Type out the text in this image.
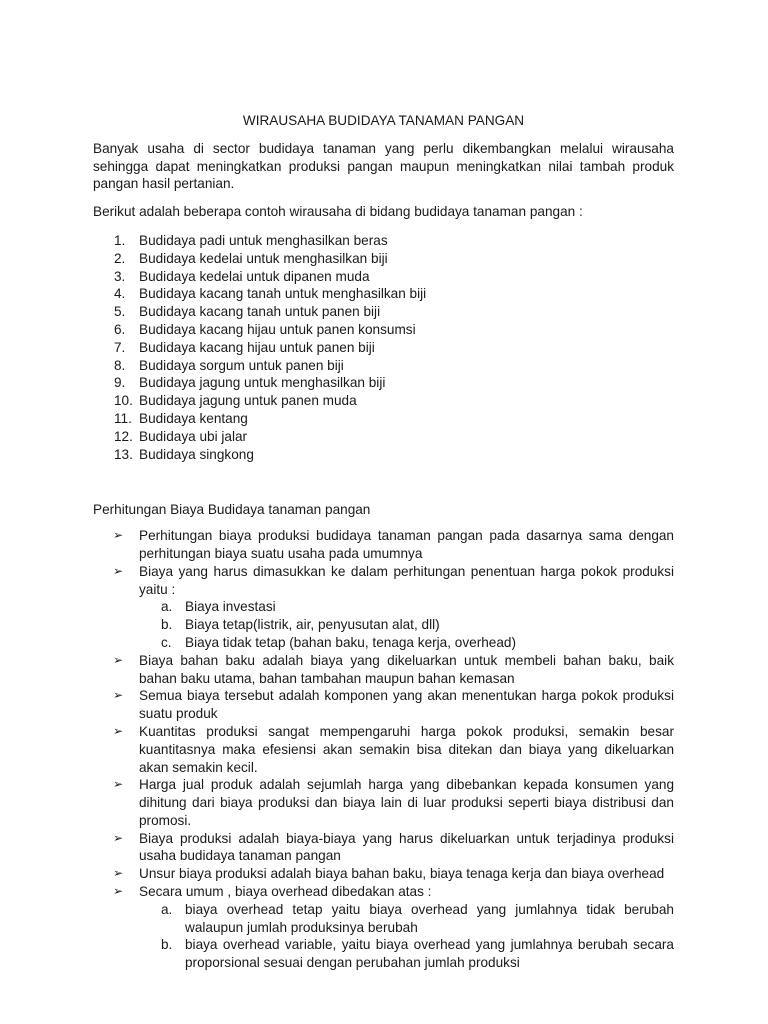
WIRAUSAHA BUDIDAYA TANAMAN PANGAN

Banyak usaha di sector budidaya tanaman yang perlu dikembangkan melalui wirausaha sehingga dapat meningkatkan produksi pangan maupun meningkatkan nilai tambah produk pangan hasil pertanian.

Berikut adalah beberapa contoh wirausaha di bidang budidaya tanaman pangan :

1. Budidaya padi untuk menghasilkan beras
2. Budidaya kedelai untuk menghasilkan biji
3. Budidaya kedelai untuk dipanen muda
4. Budidaya kacang tanah untuk menghasilkan biji
5. Budidaya kacang tanah untuk panen biji
6. Budidaya kacang hijau untuk panen konsumsi
7. Budidaya kacang hijau untuk panen biji
8. Budidaya sorgum untuk panen biji
9. Budidaya jagung untuk menghasilkan biji
10. Budidaya jagung untuk panen muda
11. Budidaya kentang
12. Budidaya ubi jalar
13. Budidaya singkong
Perhitungan Biaya Budidaya tanaman pangan
➢ Perhitungan biaya produksi budidaya tanaman pangan pada dasarnya sama dengan perhitungan biaya suatu usaha pada umumnya
➢ Biaya yang harus dimasukkan ke dalam perhitungan penentuan harga pokok produksi yaitu :
a. Biaya investasi
b. Biaya tetap(listrik, air, penyusutan alat, dll)
c. Biaya tidak tetap (bahan baku, tenaga kerja, overhead)
➢ Biaya bahan baku adalah biaya yang dikeluarkan untuk membeli bahan baku, baik bahan baku utama, bahan tambahan maupun bahan kemasan
➢ Semua biaya tersebut adalah komponen yang akan menentukan harga pokok produksi suatu produk
➢ Kuantitas produksi sangat mempengaruhi harga pokok produksi, semakin besar kuantitasnya maka efesiensi akan semakin bisa ditekan dan biaya yang dikeluarkan akan semakin kecil.
➢ Harga jual produk adalah sejumlah harga yang dibebankan kepada konsumen yang dihitung dari biaya produksi dan biaya lain di luar produksi seperti biaya distribusi dan promosi.
➢ Biaya produksi adalah biaya-biaya yang harus dikeluarkan untuk terjadinya produksi usaha budidaya tanaman pangan
➢ Unsur biaya produksi adalah biaya bahan baku, biaya tenaga kerja dan biaya overhead
➢ Secara umum , biaya overhead dibedakan atas :
a. biaya overhead tetap yaitu biaya overhead yang jumlahnya tidak berubah walaupun jumlah produksinya berubah
b. biaya overhead variable, yaitu biaya overhead yang jumlahnya berubah secara proporsional sesuai dengan perubahan jumlah produksi
